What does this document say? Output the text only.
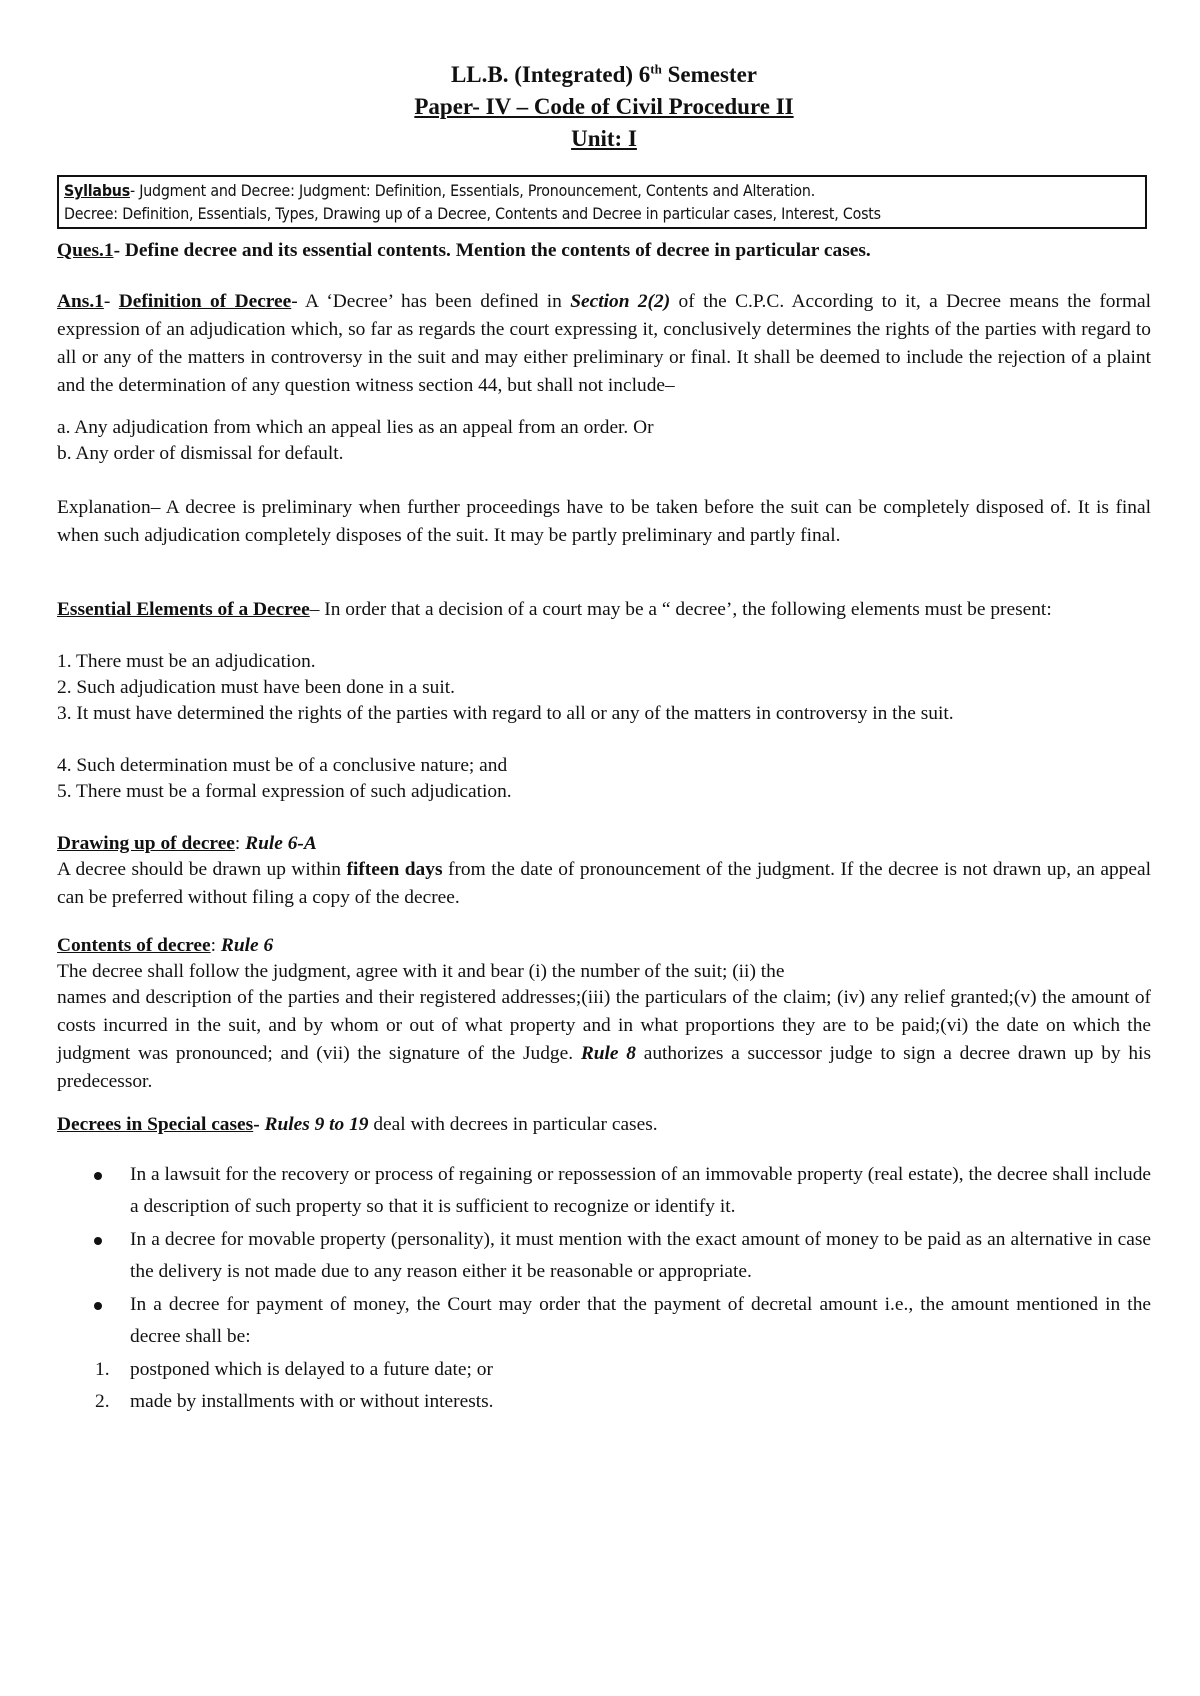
LL.B. (Integrated) 6th Semester
Paper- IV – Code of Civil Procedure II
Unit: I
Syllabus- Judgment and Decree: Judgment: Definition, Essentials, Pronouncement, Contents and Alteration.
Decree: Definition, Essentials, Types, Drawing up of a Decree, Contents and Decree in particular cases, Interest, Costs
Ques.1- Define decree and its essential contents. Mention the contents of decree in particular cases.
Ans.1- Definition of Decree- A ‘Decree’ has been defined in Section 2(2) of the C.P.C. According to it, a Decree means the formal expression of an adjudication which, so far as regards the court expressing it, conclusively determines the rights of the parties with regard to all or any of the matters in controversy in the suit and may either preliminary or final. It shall be deemed to include the rejection of a plaint and the determination of any question witness section 44, but shall not include–
a. Any adjudication from which an appeal lies as an appeal from an order. Or
b. Any order of dismissal for default.
Explanation– A decree is preliminary when further proceedings have to be taken before the suit can be completely disposed of. It is final when such adjudication completely disposes of the suit. It may be partly preliminary and partly final.
Essential Elements of a Decree– In order that a decision of a court may be a “ decree’, the following elements must be present:
1. There must be an adjudication.
2. Such adjudication must have been done in a suit.
3. It must have determined the rights of the parties with regard to all or any of the matters in controversy in the suit.
4. Such determination must be of a conclusive nature; and
5. There must be a formal expression of such adjudication.
Drawing up of decree: Rule 6-A
A decree should be drawn up within fifteen days from the date of pronouncement of the judgment. If the decree is not drawn up, an appeal can be preferred without filing a copy of the decree.
Contents of decree: Rule 6
The decree shall follow the judgment, agree with it and bear (i) the number of the suit; (ii) the
names and description of the parties and their registered addresses;(iii) the particulars of the claim; (iv) any relief granted;(v) the amount of costs incurred in the suit, and by whom or out of what property and in what proportions they are to be paid;(vi) the date on which the judgment was pronounced; and (vii) the signature of the Judge. Rule 8 authorizes a successor judge to sign a decree drawn up by his predecessor.
Decrees in Special cases- Rules 9 to 19 deal with decrees in particular cases.
In a lawsuit for the recovery or process of regaining or repossession of an immovable property (real estate), the decree shall include a description of such property so that it is sufficient to recognize or identify it.
In a decree for movable property (personality), it must mention with the exact amount of money to be paid as an alternative in case the delivery is not made due to any reason either it be reasonable or appropriate.
In a decree for payment of money, the Court may order that the payment of decretal amount i.e., the amount mentioned in the decree shall be:
1. postponed which is delayed to a future date; or
2. made by installments with or without interests.
